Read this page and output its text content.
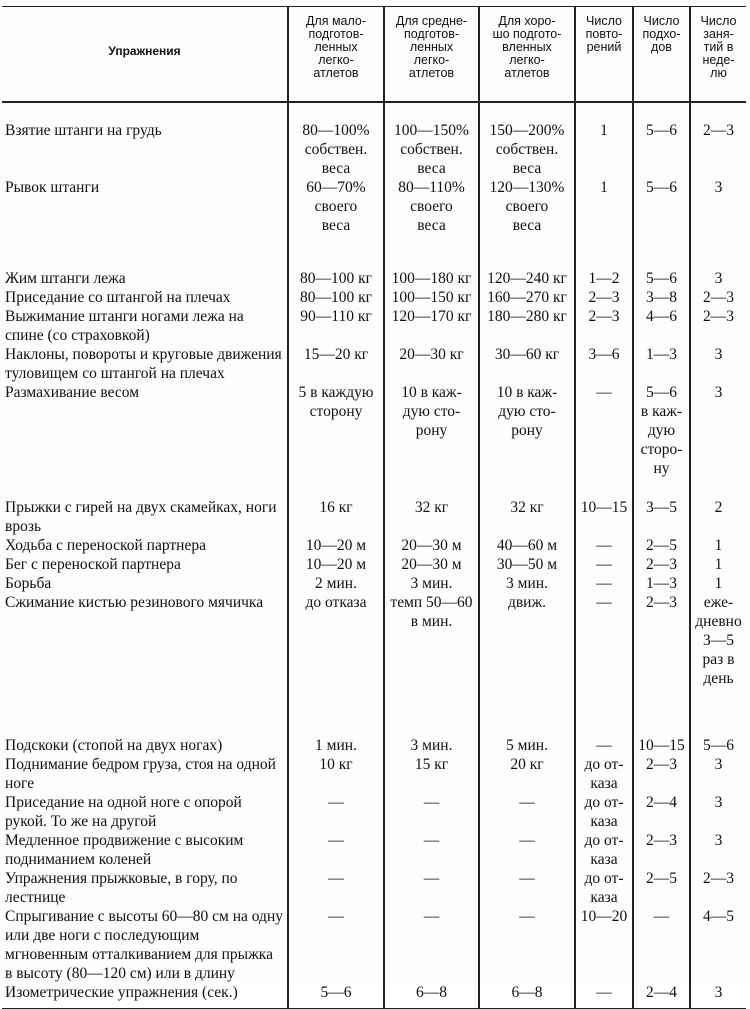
Упражнения	Для мало-
подготов-
ленных
легко-
атлетов	Для средне-
подготов-
ленных
легко-
атлетов	Для хоро-
шо подгото-
вленных
легко-
атлетов	Число
повто-
рений	Число
подхо-
дов	Число
заня-
тий в
неде-
лю
Взятие штанги на грудь	80—100%
собствен.
веса	100—150%
собствен.
веса	150—200%
собствен.
веса	1	5—6	2—3
Рывок штанги	60—70%
своего
веса	80—110%
своего
веса	120—130%
своего
веса	1	5—6	3
Жим штанги лежа	80—100 кг	100—180 кг	120—240 кг	1—2	5—6	3
Приседание со штангой на плечах	80—100 кг	100—150 кг	160—270 кг	2—3	3—8	2—3
Выжимание штанги ногами лежа на спине (со страховкой)	90—110 кг	120—170 кг	180—280 кг	2—3	4—6	2—3
Наклоны, повороты и круговые движения туловищем со штангой на плечах	15—20 кг	20—30 кг	30—60 кг	3—6	1—3	3
Размахивание весом	5 в каждую
сторону	10 в каж-
дую сто-
рону	10 в каж-
дую сто-
рону	—	5—6
в каж-
дую
сторо-
ну	3
Прыжки с гирей на двух скамейках, ноги врозь	16 кг	32 кг	32 кг	10—15	3—5	2
Ходьба с переноской партнера	10—20 м	20—30 м	40—60 м	—	2—5	1
Бег с переноской партнера	10—20 м	20—30 м	30—50 м	—	2—3	1
Борьба	2 мин.	3 мин.	3 мин.	—	1—3	1
Сжимание кистью резинового мячичка	до отказа	темп 50—60
в мин.	движ.	—	2—3	еже-
дневно
3—5
раз в
день
Подскоки (стопой на двух ногах)	1 мин.	3 мин.	5 мин.	—	10—15	5—6
Поднимание бедром груза, стоя на одной ноге	10 кг	15 кг	20 кг	до от-
каза	2—3	3
Приседание на одной ноге с опорой рукой. То же на другой	—	—	—	до от-
каза	2—4	3
Медленное продвижение с высоким подниманием коленей	—	—	—	до от-
каза	2—3	3
Упражнения прыжковые, в гору, по лестнице	—	—	—	до от-
каза	2—5	2—3
Спрыгивание с высоты 60—80 см на одну или две ноги с последующим мгновенным отталкиванием для прыжка в высоту (80—120 см) или в длину	—	—	—	10—20	—	4—5
Изометрические упражнения (сек.)	5—6	6—8	6—8	—	2—4	3
